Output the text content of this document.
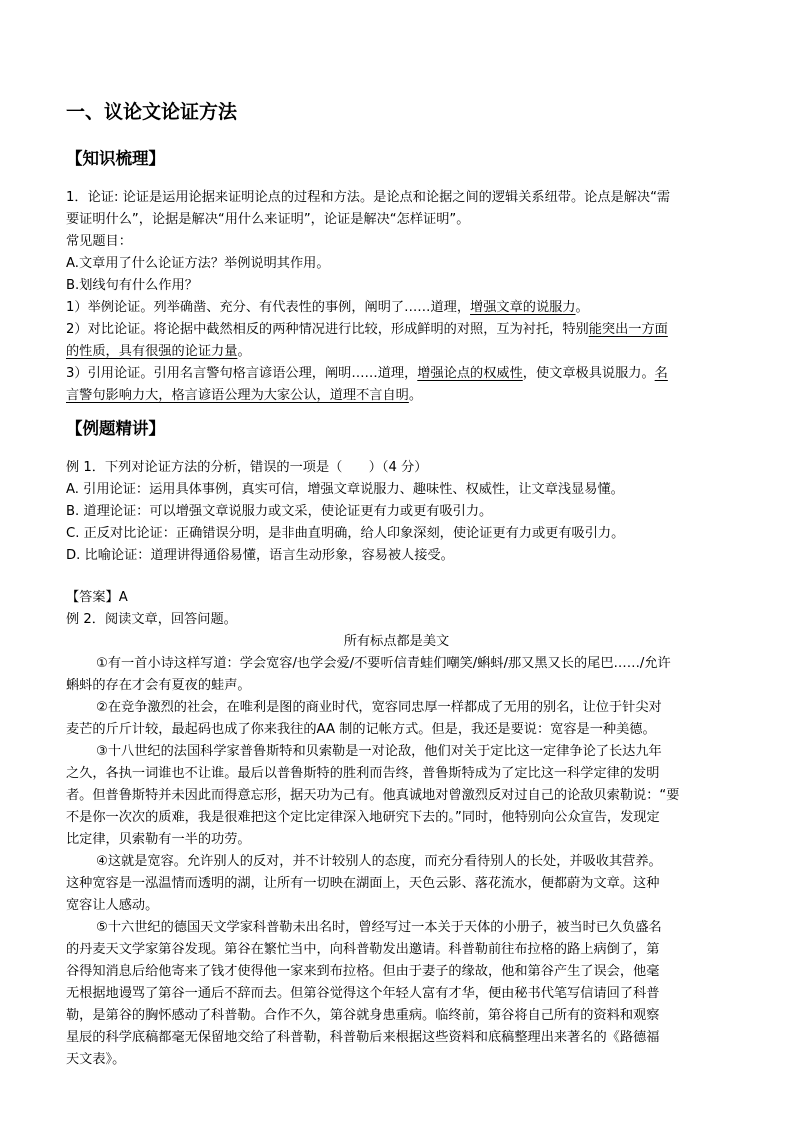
一、议论文论证方法
【知识梳理】
1．论证: 论证是运用论据来证明论点的过程和方法。是论点和论据之间的逻辑关系纽带。论点是解决“需
要证明什么”，论据是解决“用什么来证明”，论证是解决“怎样证明”。
常见题目：
A.文章用了什么论证方法？举例说明其作用。
B.划线句有什么作用？
1）举例论证。列举确凿、充分、有代表性的事例，阐明了……道理，增强文章的说服力。
2）对比论证。将论据中截然相反的两种情况进行比较，形成鲜明的对照，互为衬托，特别能突出一方面
的性质，具有很强的论证力量。
3）引用论证。引用名言警句格言谚语公理，阐明……道理，增强论点的权威性，使文章极具说服力。名
言警句影响力大，格言谚语公理为大家公认，道理不言自明。
【例题精讲】
例 1．下列对论证方法的分析，错误的一项是（　　）（4 分）
A. 引用论证：运用具体事例，真实可信，增强文章说服力、趣味性、权威性，让文章浅显易懂。
B. 道理论证：可以增强文章说服力或文采，使论证更有力或更有吸引力。
C. 正反对比论证：正确错误分明，是非曲直明确，给人印象深刻，使论证更有力或更有吸引力。
D. 比喻论证：道理讲得通俗易懂，语言生动形象，容易被人接受。
【答案】A
例 2．阅读文章，回答问题。
所有标点都是美文
①有一首小诗这样写道：学会宽容/也学会爱/不要听信青蛙们嘲笑/蝌蚪/那又黑又长的尾巴……/允许
蝌蚪的存在才会有夏夜的蛙声。
②在竞争激烈的社会，在唯利是图的商业时代，宽容同忠厚一样都成了无用的别名，让位于针尖对
麦芒的斤斤计较，最起码也成了你来我往的AA 制的记帐方式。但是，我还是要说：宽容是一种美德。
③十八世纪的法国科学家普鲁斯特和贝索勒是一对论敌，他们对关于定比这一定律争论了长达九年
之久，各执一词谁也不让谁。最后以普鲁斯特的胜利而告终，普鲁斯特成为了定比这一科学定律的发明
者。但普鲁斯特并未因此而得意忘形，据天功为己有。他真诚地对曾激烈反对过自己的论敌贝索勒说：“要
不是你一次次的质难，我是很难把这个定比定律深入地研究下去的。”同时，他特别向公众宣告，发现定
比定律，贝索勒有一半的功劳。
④这就是宽容。允许别人的反对，并不计较别人的态度，而充分看待别人的长处，并吸收其营养。
这种宽容是一泓温情而透明的湖，让所有一切映在湖面上，天色云影、落花流水，便都蔚为文章。这种
宽容让人感动。
⑤十六世纪的德国天文学家科普勒未出名时，曾经写过一本关于天体的小册子，被当时已久负盛名
的丹麦天文学家第谷发现。第谷在繁忙当中，向科普勒发出邀请。科普勒前往布拉格的路上病倒了，第
谷得知消息后给他寄来了钱才使得他一家来到布拉格。但由于妻子的缘故，他和第谷产生了误会，他毫
无根据地谩骂了第谷一通后不辞而去。但第谷觉得这个年轻人富有才华，便由秘书代笔写信请回了科普
勒，是第谷的胸怀感动了科普勒。合作不久，第谷就身患重病。临终前，第谷将自己所有的资料和观察
星辰的科学底稿都毫无保留地交给了科普勒，科普勒后来根据这些资料和底稿整理出来著名的《路德福
天文表》。
